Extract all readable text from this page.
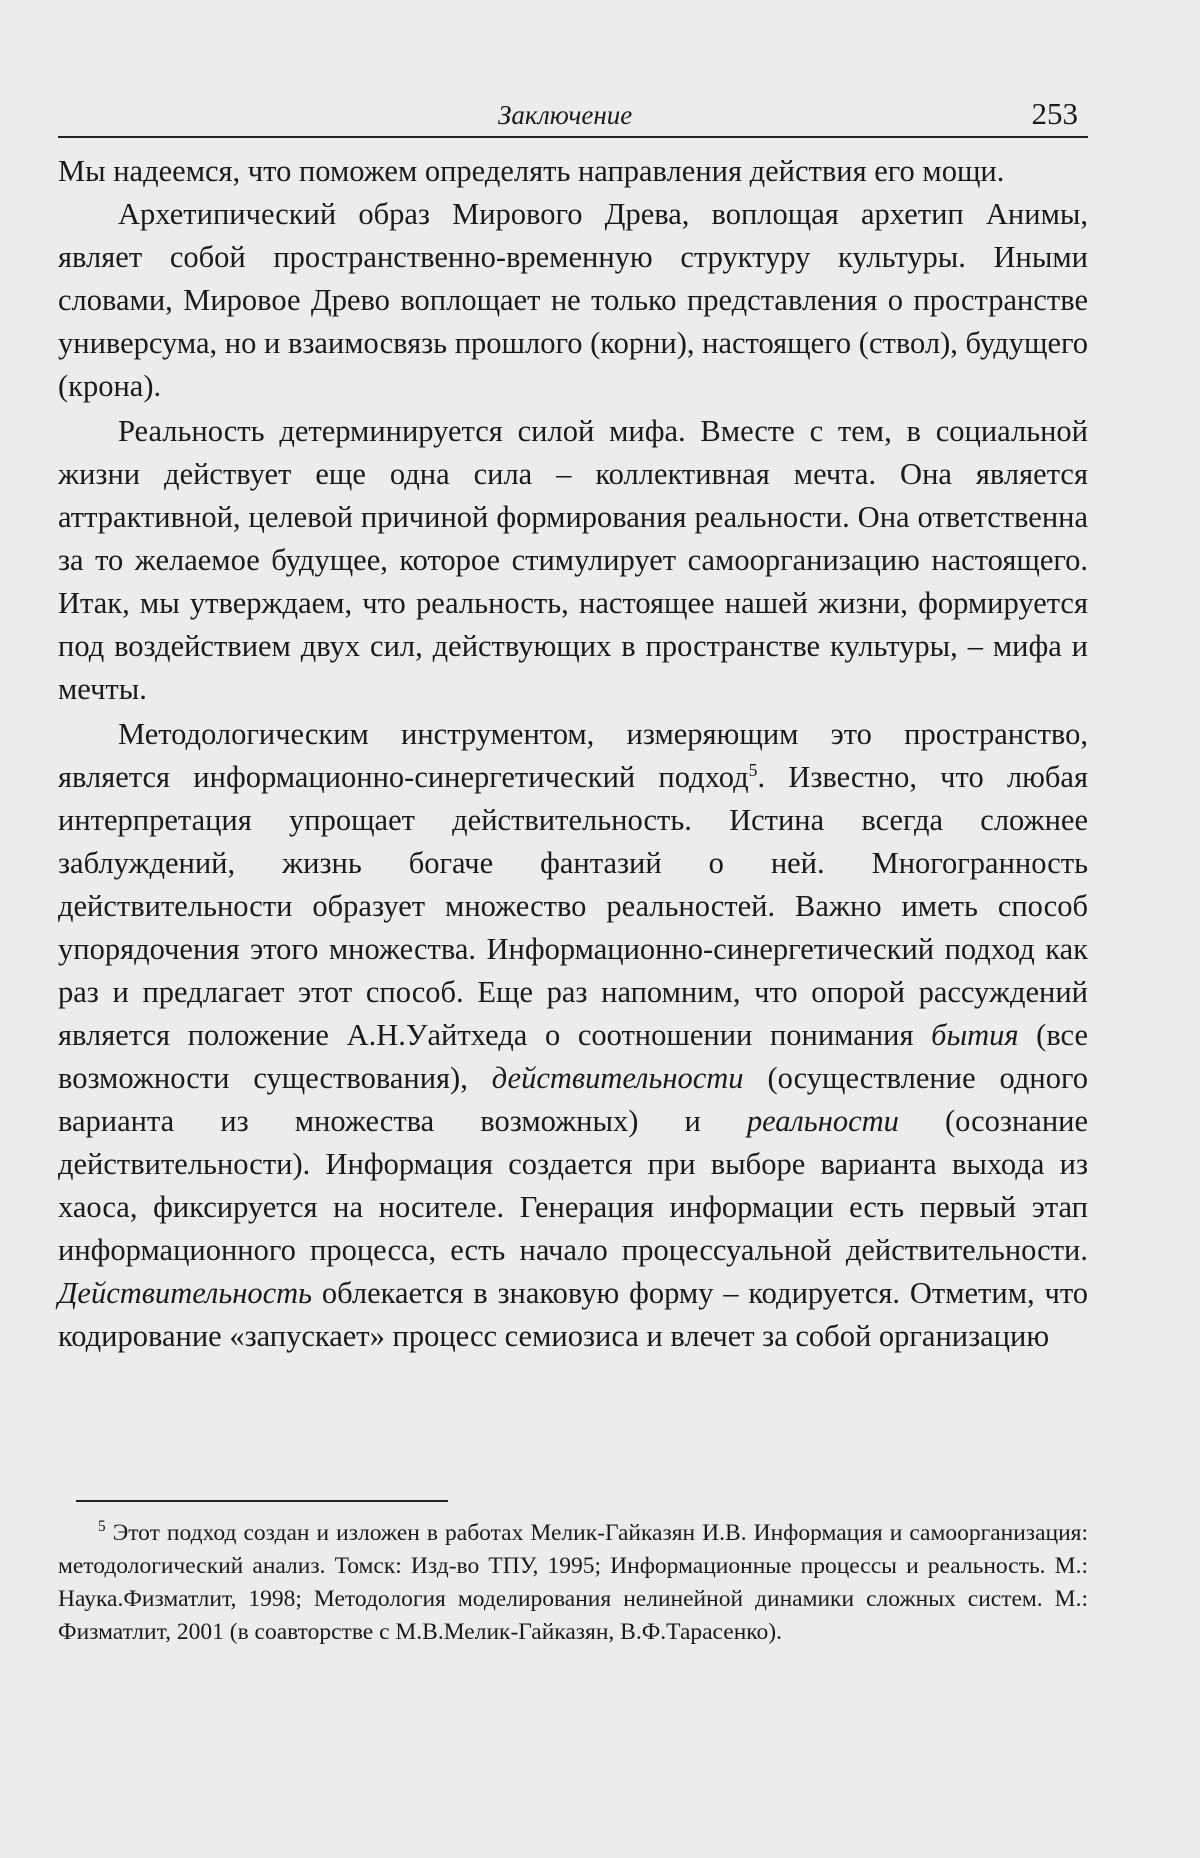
Заключение	253

Мы надеемся, что поможем определять направления действия его мощи.

Архетипический образ Мирового Древа, воплощая архетип Анимы, являет собой пространственно-временную структуру культуры. Иными словами, Мировое Древо воплощает не только представления о пространстве универсума, но и взаимосвязь прошлого (корни), настоящего (ствол), будущего (крона).

Реальность детерминируется силой мифа. Вместе с тем, в социальной жизни действует еще одна сила – коллективная мечта. Она является аттрактивной, целевой причиной формирования реальности. Она ответственна за то желаемое будущее, которое стимулирует самоорганизацию настоящего. Итак, мы утверждаем, что реальность, настоящее нашей жизни, формируется под воздействием двух сил, действующих в пространстве культуры, – мифа и мечты.

Методологическим инструментом, измеряющим это пространство, является информационно-синергетический подход$^5$. Известно, что любая интерпретация упрощает действительность. Истина всегда сложнее заблуждений, жизнь богаче фантазий о ней. Многогранность действительности образует множество реальностей. Важно иметь способ упорядочения этого множества. Информационно-синергетический подход как раз и предлагает этот способ. Еще раз напомним, что опорой рассуждений является положение А.Н.Уайтхеда о соотношении понимания бытия (все возможности существования), действительности (осуществление одного варианта из множества возможных) и реальности (осознание действительности). Информация создается при выборе варианта выхода из хаоса, фиксируется на носителе. Генерация информации есть первый этап информационного процесса, есть начало процессуальной действительности. Действительность облекается в знаковую форму – кодируется. Отметим, что кодирование «запускает» процесс семиозиса и влечет за собой организацию

$^5$ Этот подход создан и изложен в работах Мелик-Гайказян И.В. Информация и самоорганизация: методологический анализ. Томск: Изд-во ТПУ, 1995; Информационные процессы и реальность. М.: Наука.Физматлит, 1998; Методология моделирования нелинейной динамики сложных систем. М.: Физматлит, 2001 (в соавторстве с М.В.Мелик-Гайказян, В.Ф.Тарасенко).
